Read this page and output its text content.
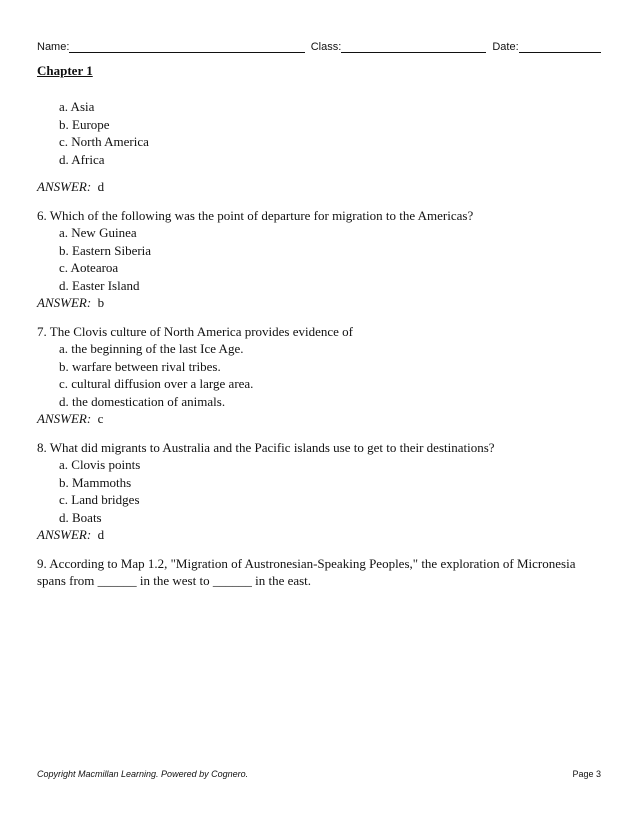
Name:	Class:	Date:
Chapter 1
a. Asia
b. Europe
c. North America
d. Africa
ANSWER: d
6. Which of the following was the point of departure for migration to the Americas?
a. New Guinea
b. Eastern Siberia
c. Aotearoa
d. Easter Island
ANSWER: b
7. The Clovis culture of North America provides evidence of
a. the beginning of the last Ice Age.
b. warfare between rival tribes.
c. cultural diffusion over a large area.
d. the domestication of animals.
ANSWER: c
8. What did migrants to Australia and the Pacific islands use to get to their destinations?
a. Clovis points
b. Mammoths
c. Land bridges
d. Boats
ANSWER: d
9. According to Map 1.2, "Migration of Austronesian-Speaking Peoples," the exploration of Micronesia spans from ______ in the west to ______ in the east.
Copyright Macmillan Learning. Powered by Cognero.	Page 3
